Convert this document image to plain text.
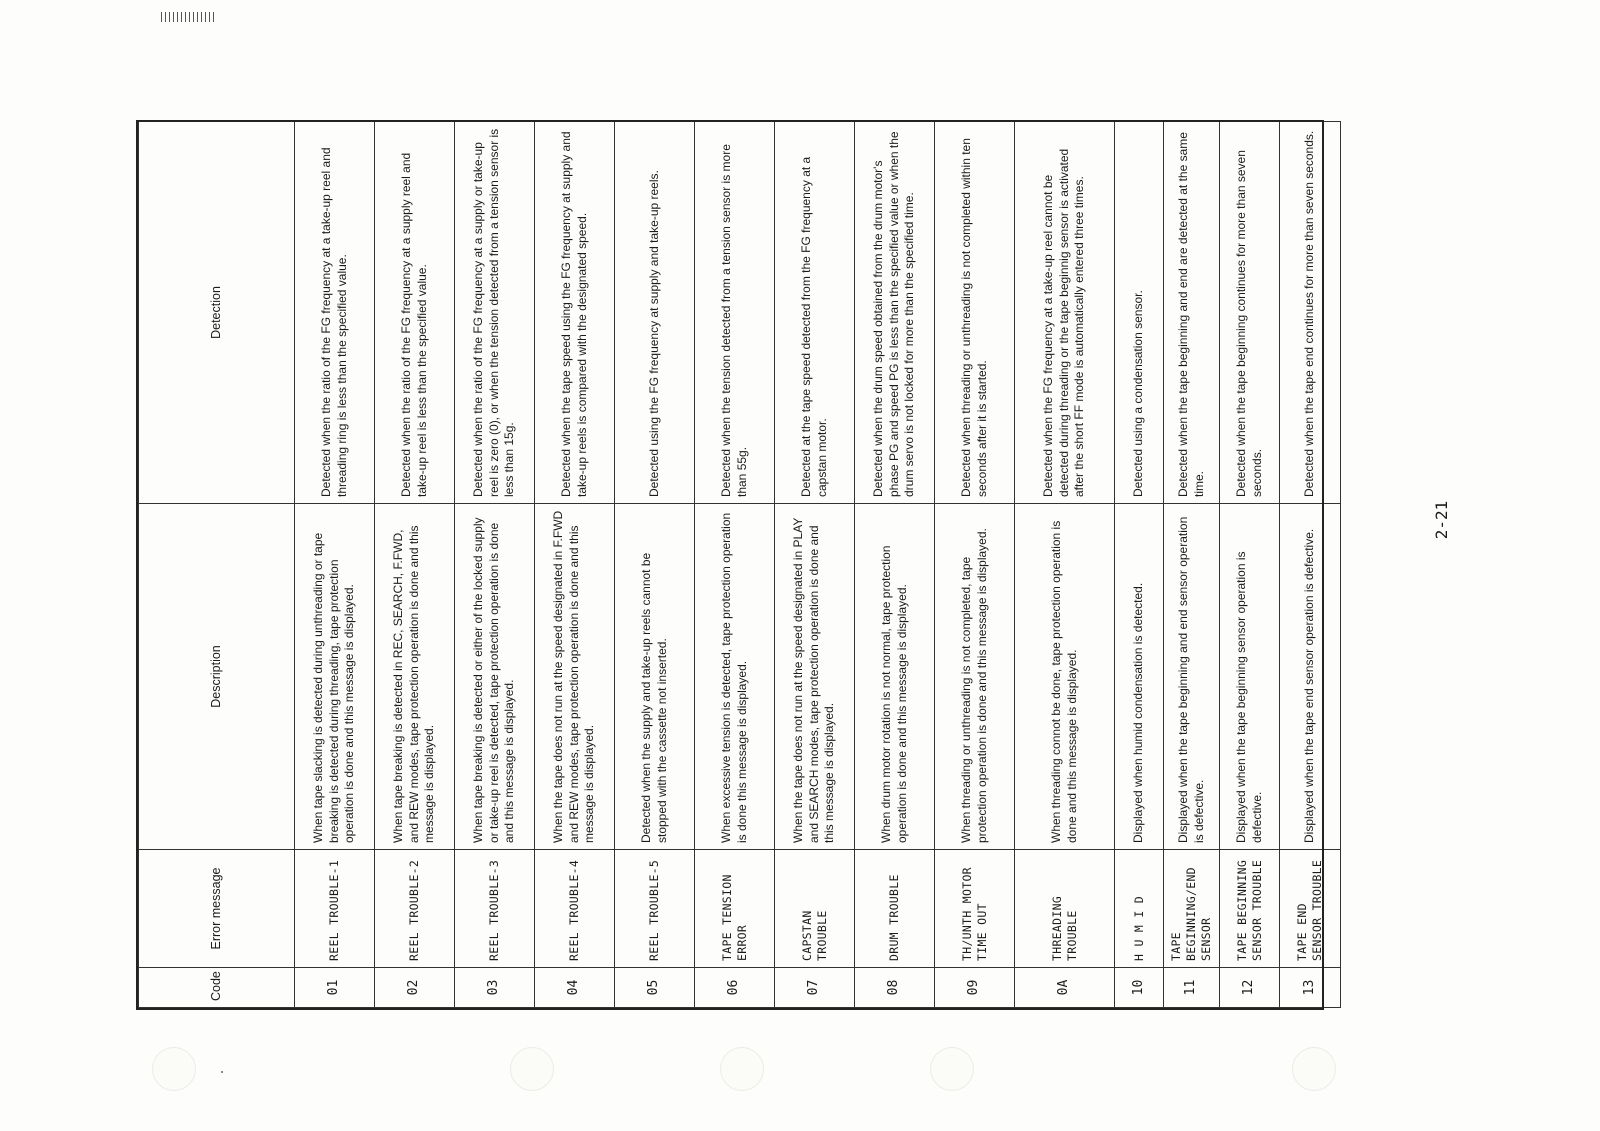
Code	Error message	Description	Detection
01	REEL TROUBLE-1	When tape slacking is detected during unthreading or tape breaking is detected during threading, tape protection operation is done and this message is displayed.	Detected when the ratio of the FG frequency at a take-up reel and threading ring is less than the specified value.
02	REEL TROUBLE-2	When tape breaking is detected in REC, SEARCH, F.FWD, and REW modes, tape protection operation is done and this message is displayed.	Detected when the ratio of the FG frequency at a supply reel and take-up reel is less than the specified value.
03	REEL TROUBLE-3	When tape breaking is detected or either of the locked supply or take-up reel is detected, tape protection operation is done and this message is displayed.	Detected when the ratio of the FG frequency at a supply or take-up reel is zero (0), or when the tension detected from a tension sensor is less than 15g.
04	REEL TROUBLE-4	When the tape does not run at the speed designated in F.FWD and REW modes, tape protection operation is done and this message is displayed.	Detected when the tape speed using the FG frequency at supply and take-up reels is compared with the designated speed.
05	REEL TROUBLE-5	Detected when the supply and take-up reels cannot be stopped with the cassette not inserted.	Detected using the FG frequency at supply and take-up reels.
06	TAPE TENSION ERROR	When excessive tension is detected, tape protection operation is done this message is displayed.	Detected when the tension detected from a tension sensor is more than 55g.
07	CAPSTAN TROUBLE	When the tape does not run at the speed designated in PLAY and SEARCH modes, tape protection operation is done and this message is displayed.	Detected at the tape speed detected from the FG frequency at a capstan motor.
08	DRUM TROUBLE	When drum motor rotation is not normal, tape protection operation is done and this message is displayed.	Detected when the drum speed obtained from the drum motor's phase PG and speed PG is less than the specified value or when the drum servo is not locked for more than the specified time.
09	TH/UNTH MOTOR TIME OUT	When threading or unthreading is not completed, tape protection operation is done and this message is displayed.	Detected when threading or unthreading is not completed within ten seconds after it is started.
0A	THREADING TROUBLE	When threading connot be done, tape protection operation is done and this message is displayed.	Detected when the FG frequency at a take-up reel cannot be detected during threading or the tape beginnig sensor is activated after the short FF mode is automatically entered three times.
10	H U M I D	Displayed when humid condensation is detected.	Detected using a condensation sensor.
11	TAPE BEGINNING/END SENSOR	Displayed when the tape beginning and end sensor operation is defective.	Detected when the tape beginning and end are detected at the same time.
12	TAPE BEGINNING SENSOR TROUBLE	Displayed when the tape beginning sensor operation is defective.	Detected when the tape beginning continues for more than seven seconds.
13	TAPE END SENSOR TROUBLE	Displayed when the tape end sensor operation is defective.	Detected when the tape end continues for more than seven seconds.
2-21
